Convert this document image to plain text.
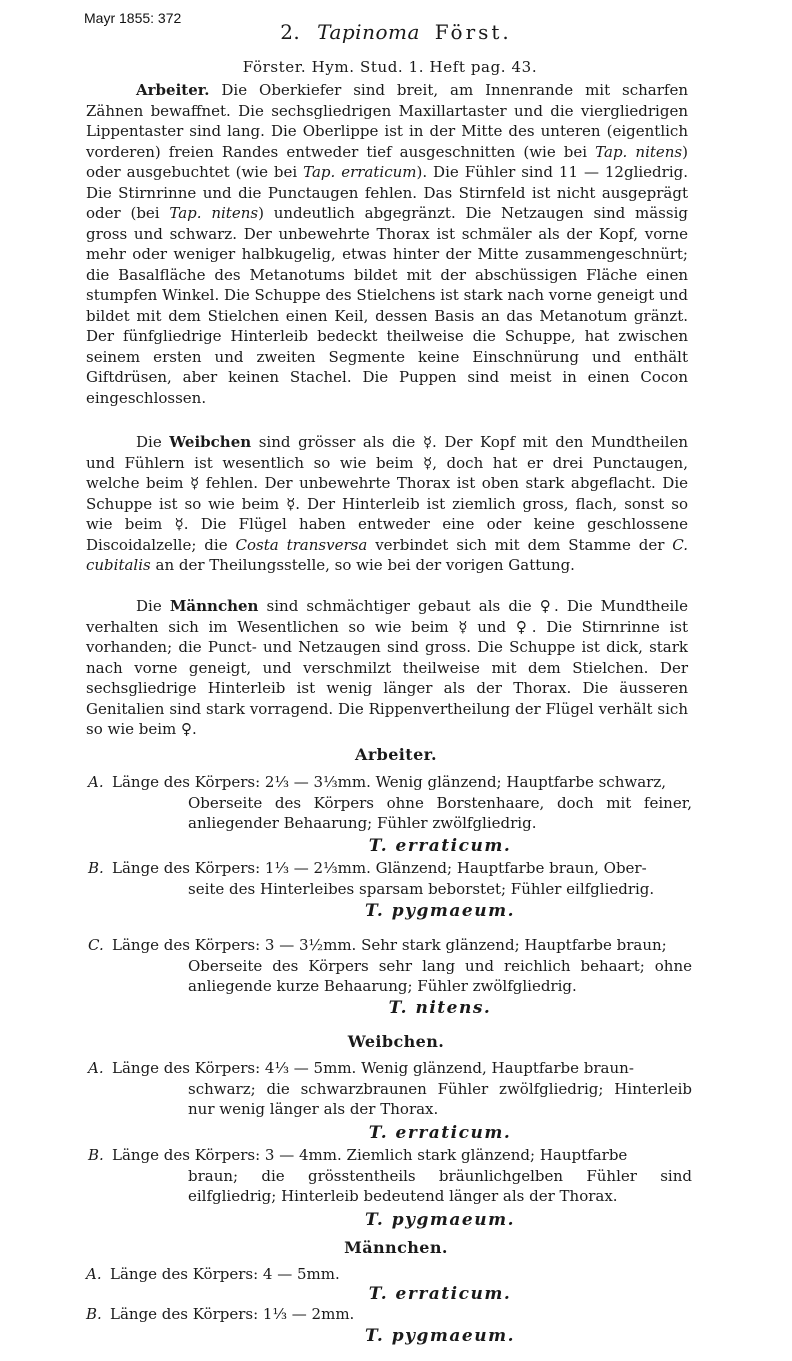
Mayr 1855: 372
2. Tapinoma Först.
Förster. Hym. Stud. 1. Heft pag. 43.

Arbeiter. Die Oberkiefer sind breit, am Innenrande mit scharfen Zähnen bewaffnet. Die sechsgliedrigen Maxillartaster und die viergliedrigen Lippentaster sind lang. Die Oberlippe ist in der Mitte des unteren (eigentlich vorderen) freien Randes entweder tief ausgeschnitten (wie bei Tap. nitens) oder ausgebuchtet (wie bei Tap. erraticum). Die Fühler sind 11 — 12gliedrig. Die Stirnrinne und die Punctaugen fehlen. Das Stirnfeld ist nicht ausgeprägt oder (bei Tap. nitens) undeutlich abgegränzt. Die Netzaugen sind mässig gross und schwarz. Der unbewehrte Thorax ist schmäler als der Kopf, vorne mehr oder weniger halbkugelig, etwas hinter der Mitte zusammengeschnürt; die Basalfläche des Metanotums bildet mit der abschüssigen Fläche einen stumpfen Winkel. Die Schuppe des Stielchens ist stark nach vorne geneigt und bildet mit dem Stielchen einen Keil, dessen Basis an das Metanotum gränzt. Der fünfgliedrige Hinterleib bedeckt theilweise die Schuppe, hat zwischen seinem ersten und zweiten Segmente keine Einschnürung und enthält Giftdrüsen, aber keinen Stachel. Die Puppen sind meist in einen Cocon eingeschlossen.

Die Weibchen sind grösser als die ☿. Der Kopf mit den Mundtheilen und Fühlern ist wesentlich so wie beim ☿, doch hat er drei Punctaugen, welche beim ☿ fehlen. Der unbewehrte Thorax ist oben stark abgeflacht. Die Schuppe ist so wie beim ☿. Der Hinterleib ist ziemlich gross, flach, sonst so wie beim ☿. Die Flügel haben entweder eine oder keine geschlossene Discoidalzelle; die Costa transversa verbindet sich mit dem Stamme der C. cubitalis an der Theilungsstelle, so wie bei der vorigen Gattung.

Die Männchen sind schmächtiger gebaut als die ♀. Die Mundtheile verhalten sich im Wesentlichen so wie beim ☿ und ♀. Die Stirnrinne ist vorhanden; die Punct- und Netzaugen sind gross. Die Schuppe ist dick, stark nach vorne geneigt, und verschmilzt theilweise mit dem Stielchen. Der sechsgliedrige Hinterleib ist wenig länger als der Thorax. Die äusseren Genitalien sind stark vorragend. Die Rippenvertheilung der Flügel verhält sich so wie beim ♀.

Arbeiter.
A. Länge des Körpers: 2⅓ — 3⅓mm. Wenig glänzend; Hauptfarbe schwarz,
Oberseite des Körpers ohne Borstenhaare, doch mit feiner, anliegender Behaarung; Fühler zwölfgliedrig.
T. erraticum.
B. Länge des Körpers: 1⅓ — 2⅓mm. Glänzend; Hauptfarbe braun, Ober-
seite des Hinterleibes sparsam beborstet; Fühler eilfgliedrig.
T. pygmaeum.
C. Länge des Körpers: 3 — 3½mm. Sehr stark glänzend; Hauptfarbe braun;
Oberseite des Körpers sehr lang und reichlich behaart; ohne anliegende kurze Behaarung; Fühler zwölfgliedrig.
T. nitens.
Weibchen.
A. Länge des Körpers: 4⅓ — 5mm. Wenig glänzend, Hauptfarbe braun-
schwarz; die schwarzbraunen Fühler zwölfgliedrig; Hinterleib nur wenig länger als der Thorax.
T. erraticum.
B. Länge des Körpers: 3 — 4mm. Ziemlich stark glänzend; Hauptfarbe
braun; die grösstentheils bräunlichgelben Fühler sind eilfgliedrig; Hinterleib bedeutend länger als der Thorax.
T. pygmaeum.
Männchen.
A. Länge des Körpers: 4 — 5mm.
T. erraticum.
B. Länge des Körpers: 1⅓ — 2mm.
T. pygmaeum.
